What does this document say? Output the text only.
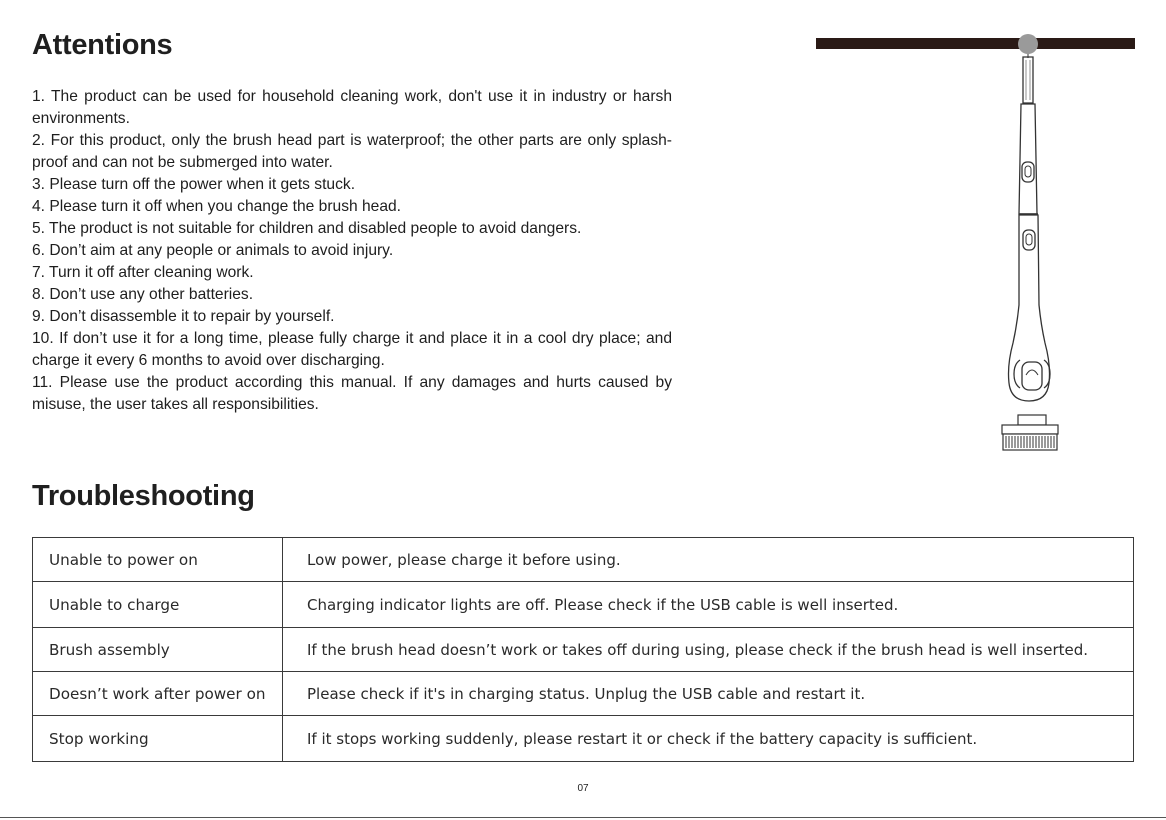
Attentions
1. The product can be used for household cleaning work, don't use it in industry or harsh environments.
2. For this product, only the brush head part is waterproof; the other parts are only splash-proof and can not be submerged into water.
3. Please turn off the power when it gets stuck.
4. Please turn it off when you change the brush head.
5. The product is not suitable for children and disabled people to avoid dangers.
6. Don’t aim at any people or animals to avoid injury.
7. Turn it off after cleaning work.
8. Don’t use any other batteries.
9. Don’t disassemble it to repair by yourself.
10. If don’t use it for a long time, please fully charge it and place it in a cool dry place; and charge it every 6 months to avoid over discharging.
11. Please use the product according this manual. If any damages and hurts caused by misuse, the user takes all responsibilities.
Troubleshooting
Unable to power on	Low power, please charge it before using.
Unable to charge	Charging indicator lights are off. Please check if the USB cable is well inserted.
Brush assembly	If the brush head doesn’t work or takes off during using, please check if the brush head is well inserted.
Doesn’t work after power on	Please check if it's in charging status. Unplug the USB cable and restart it.
Stop working	If it stops working suddenly, please restart it or check if the battery capacity is sufficient.
07
